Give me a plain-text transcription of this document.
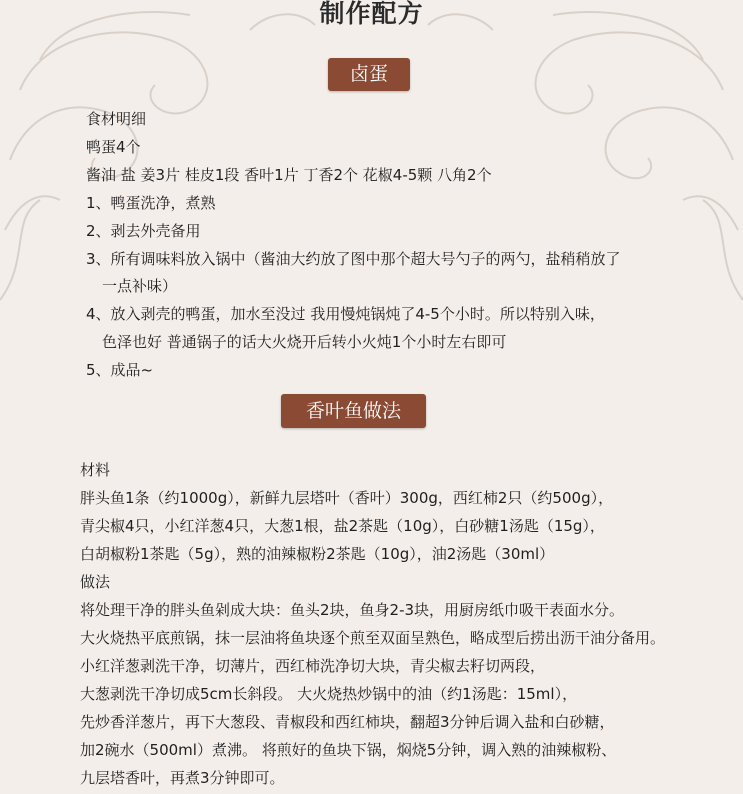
制作配方
卤蛋
食材明细
鸭蛋4个
酱油 盐 姜3片 桂皮1段 香叶1片 丁香2个 花椒4-5颗 八角2个
1、鸭蛋洗净，煮熟
2、剥去外壳备用
3、所有调味料放入锅中（酱油大约放了图中那个超大号勺子的两勺，盐稍稍放了
一点补味）
4、放入剥壳的鸭蛋，加水至没过 我用慢炖锅炖了4-5个小时。所以特别入味，
色泽也好 普通锅子的话大火烧开后转小火炖1个小时左右即可
5、成品~
香叶鱼做法
材料
胖头鱼1条（约1000g），新鲜九层塔叶（香叶）300g，西红柿2只（约500g），
青尖椒4只，小红洋葱4只，大葱1根，盐2茶匙（10g），白砂糖1汤匙（15g），
白胡椒粉1茶匙（5g），熟的油辣椒粉2茶匙（10g），油2汤匙（30ml）
做法
将处理干净的胖头鱼剁成大块：鱼头2块，鱼身2-3块，用厨房纸巾吸干表面水分。
大火烧热平底煎锅，抹一层油将鱼块逐个煎至双面呈熟色，略成型后捞出沥干油分备用。
小红洋葱剥洗干净，切薄片，西红柿洗净切大块，青尖椒去籽切两段，
大葱剥洗干净切成5cm长斜段。 大火烧热炒锅中的油（约1汤匙：15ml），
先炒香洋葱片，再下大葱段、青椒段和西红柿块，翻超3分钟后调入盐和白砂糖，
加2碗水（500ml）煮沸。 将煎好的鱼块下锅，焖烧5分钟，调入熟的油辣椒粉、
九层塔香叶，再煮3分钟即可。
